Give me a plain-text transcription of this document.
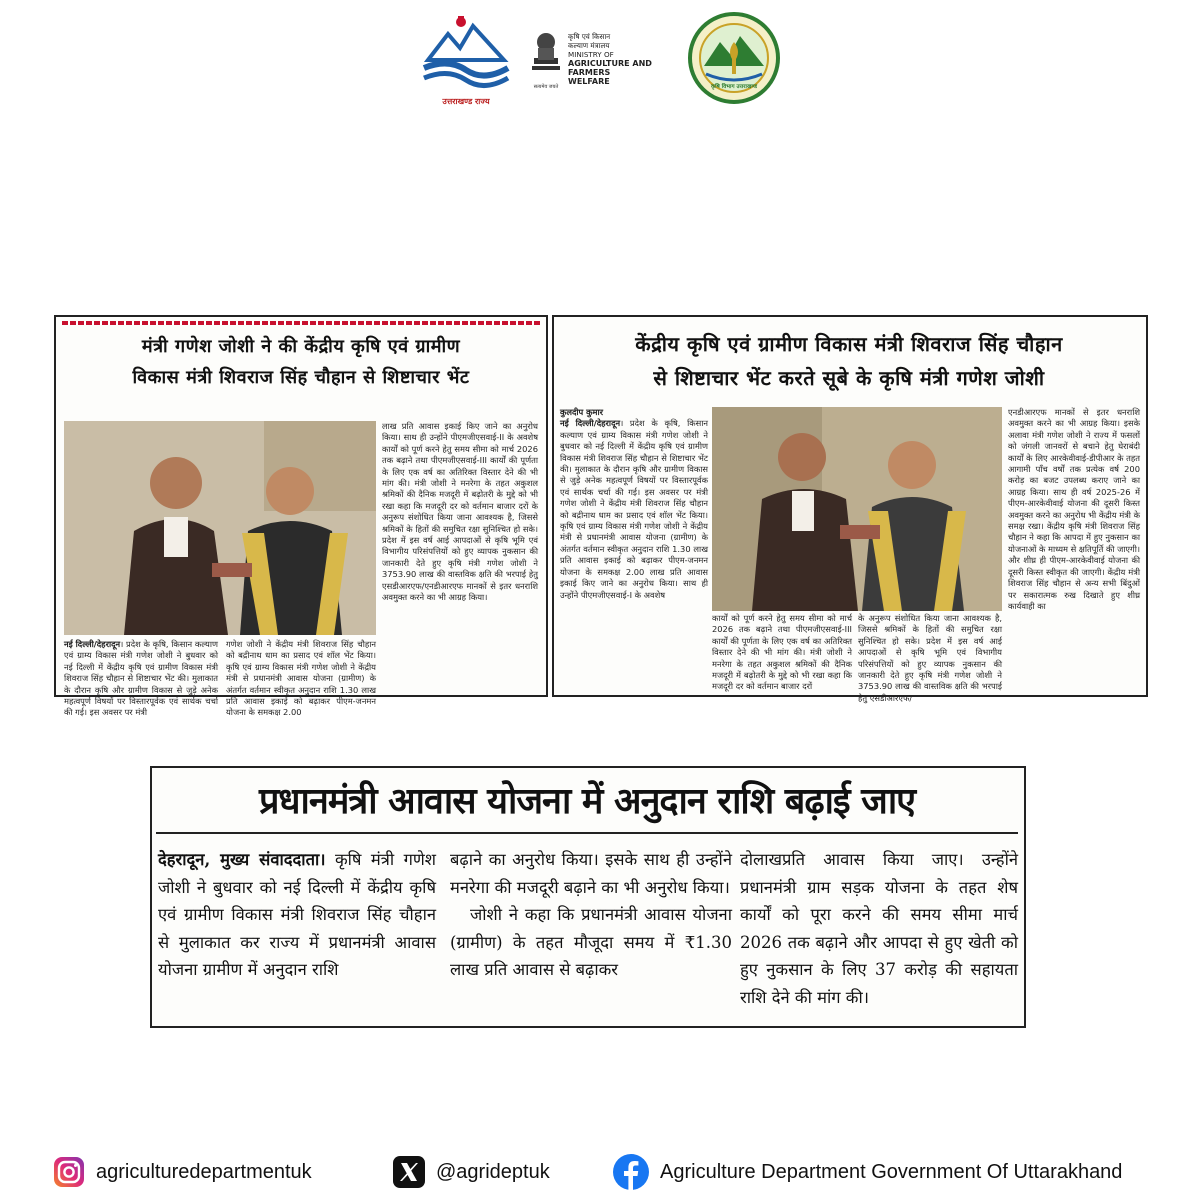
उत्तराखण्ड राज्य
सत्यमेव जयते
कृषि एवं किसान
कल्याण मंत्रालय
MINISTRY OF
AGRICULTURE AND
FARMERS WELFARE
कृषि विभाग उत्तराखण्ड
मंत्री गणेश जोशी ने की केंद्रीय कृषि एवं ग्रामीण
विकास मंत्री शिवराज सिंह चौहान से शिष्टाचार भेंट
लाख प्रति आवास इकाई किए जाने का अनुरोध किया। साथ ही उन्होंने पीएमजीएसवाई-II के अवशेष कार्यों को पूर्ण करने हेतु समय सीमा को मार्च 2026 तक बढ़ाने तथा पीएमजीएसवाई-III कार्यों की पूर्णता के लिए एक वर्ष का अतिरिक्त विस्तार देने की भी मांग की। मंत्री जोशी ने मनरेगा के तहत अकुशल श्रमिकों की दैनिक मजदूरी में बढ़ोतरी के मुद्दे को भी रखा कहा कि मजदूरी दर को वर्तमान बाजार दरों के अनुरूप संशोधित किया जाना आवश्यक है, जिससे श्रमिकों के हितों की समुचित रक्षा सुनिश्चित हो सके। प्रदेश में इस वर्ष आई आपदाओं से कृषि भूमि एवं विभागीय परिसंपत्तियों को हुए व्यापक नुकसान की जानकारी देते हुए कृषि मंत्री गणेश जोशी ने 3753.90 लाख की वास्तविक क्षति की भरपाई हेतु एसडीआरएफ/एनडीआरएफ मानकों से इतर धनराशि अवमुक्त करने का भी आग्रह किया।
नई दिल्ली/देहरादून। प्रदेश के कृषि, किसान कल्याण एवं ग्राम्य विकास मंत्री गणेश जोशी ने बुधवार को नई दिल्ली में केंद्रीय कृषि एवं ग्रामीण विकास मंत्री शिवराज सिंह चौहान से शिष्टाचार भेंट की। मुलाकात के दौरान कृषि और ग्रामीण विकास से जुड़े अनेक महत्वपूर्ण विषयों पर विस्तारपूर्वक एवं सार्थक चर्चा की गई। इस अवसर पर मंत्री
गणेश जोशी ने केंद्रीय मंत्री शिवराज सिंह चौहान को बद्रीनाथ धाम का प्रसाद एवं शॉल भेंट किया। कृषि एवं ग्राम्य विकास मंत्री गणेश जोशी ने केंद्रीय मंत्री से प्रधानमंत्री आवास योजना (ग्रामीण) के अंतर्गत वर्तमान स्वीकृत अनुदान राशि 1.30 लाख प्रति आवास इकाई को बढ़ाकर पीएम-जनमन योजना के समकक्ष 2.00
केंद्रीय कृषि एवं ग्रामीण विकास मंत्री शिवराज सिंह चौहान
से शिष्टाचार भेंट करते सूबे के कृषि मंत्री गणेश जोशी
कुलदीप कुमार
नई दिल्ली/देहरादून। प्रदेश के कृषि, किसान कल्याण एवं ग्राम्य विकास मंत्री गणेश जोशी ने बुधवार को नई दिल्ली में केंद्रीय कृषि एवं ग्रामीण विकास मंत्री शिवराज सिंह चौहान से शिष्टाचार भेंट की। मुलाकात के दौरान कृषि और ग्रामीण विकास से जुड़े अनेक महत्वपूर्ण विषयों पर विस्तारपूर्वक एवं सार्थक चर्चा की गई। इस अवसर पर मंत्री गणेश जोशी ने केंद्रीय मंत्री शिवराज सिंह चौहान को बद्रीनाथ धाम का प्रसाद एवं शॉल भेंट किया। कृषि एवं ग्राम्य विकास मंत्री गणेश जोशी ने केंद्रीय मंत्री से प्रधानमंत्री आवास योजना (ग्रामीण) के अंतर्गत वर्तमान स्वीकृत अनुदान राशि 1.30 लाख प्रति आवास इकाई को बढ़ाकर पीएम-जनमन योजना के समकक्ष 2.00 लाख प्रति आवास इकाई किए जाने का अनुरोध किया। साथ ही उन्होंने पीएमजीएसवाई-I के अवशेष
कार्यों को पूर्ण करने हेतु समय सीमा को मार्च 2026 तक बढ़ाने तथा पीएमजीएसवाई-III कार्यों की पूर्णता के लिए एक वर्ष का अतिरिक्त विस्तार देने की भी मांग की। मंत्री जोशी ने मनरेगा के तहत अकुशल श्रमिकों की दैनिक मजदूरी में बढ़ोतरी के मुद्दे को भी रखा कहा कि मजदूरी दर को वर्तमान बाजार दरों
के अनुरूप संशोधित किया जाना आवश्यक है, जिससे श्रमिकों के हितों की समुचित रक्षा सुनिश्चित हो सके। प्रदेश में इस वर्ष आई आपदाओं से कृषि भूमि एवं विभागीय परिसंपत्तियों को हुए व्यापक नुकसान की जानकारी देते हुए कृषि मंत्री गणेश जोशी ने 3753.90 लाख की वास्तविक क्षति की भरपाई हेतु एसडीआरएफ/
एनडीआरएफ मानकों से इतर धनराशि अवमुक्त करने का भी आग्रह किया। इसके अलावा मंत्री गणेश जोशी ने राज्य में फसलों को जंगली जानवरों से बचाने हेतु घेराबंदी कार्यों के लिए आरकेवीवाई-डीपीआर के तहत आगामी पाँच वर्षों तक प्रत्येक वर्ष 200 करोड़ का बजट उपलब्ध कराए जाने का आग्रह किया। साथ ही वर्ष 2025-26 में पीएम-आरकेवीवाई योजना की दूसरी किस्त अवमुक्त करने का अनुरोध भी केंद्रीय मंत्री के समक्ष रखा। केंद्रीय कृषि मंत्री शिवराज सिंह चौहान ने कहा कि आपदा में हुए नुकसान का योजनाओं के माध्यम से क्षतिपूर्ति की जाएगी। और शीघ्र ही पीएम-आरकेवीवाई योजना की दूसरी किस्त स्वीकृत की जाएगी। केंद्रीय मंत्री शिवराज सिंह चौहान से अन्य सभी बिंदुओं पर सकारात्मक रुख दिखाते हुए शीघ्र कार्यवाही का
प्रधानमंत्री आवास योजना में अनुदान राशि बढ़ाई जाए
देहरादून, मुख्य संवाददाता। कृषि मंत्री गणेश जोशी ने बुधवार को नई दिल्ली में केंद्रीय कृषि एवं ग्रामीण विकास मंत्री शिवराज सिंह चौहान से मुलाकात कर राज्य में प्रधानमंत्री आवास योजना ग्रामीण में अनुदान राशि
बढ़ाने का अनुरोध किया। इसके साथ ही उन्होंने मनरेगा की मजदूरी बढ़ाने का भी अनुरोध किया।
जोशी ने कहा कि प्रधानमंत्री आवास योजना (ग्रामीण) के तहत मौजूदा समय में ₹1.30 लाख प्रति आवास से बढ़ाकर
दोलाखप्रति आवास किया जाए। उन्होंने प्रधानमंत्री ग्राम सड़क योजना के तहत शेष कार्यों को पूरा करने की समय सीमा मार्च 2026 तक बढ़ाने और आपदा से हुए खेती को हुए नुकसान के लिए 37 करोड़ की सहायता राशि देने की मांग की।
agriculturedepartmentuk	@agrideptuk	Agriculture Department Government Of Uttarakhand
